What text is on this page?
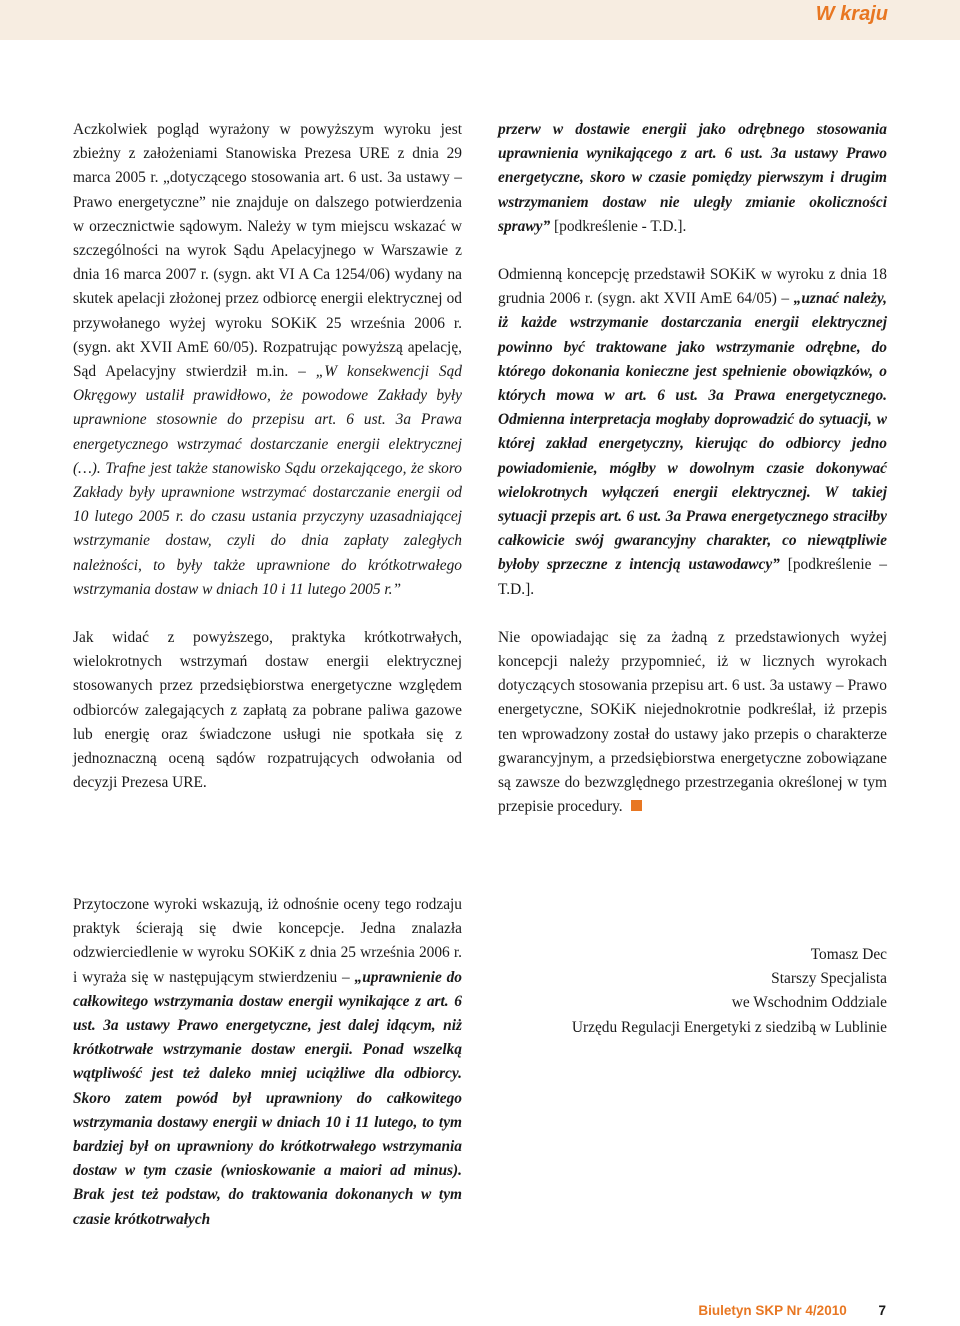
W kraju

Aczkolwiek pogląd wyrażony w powyższym wyroku jest zbieżny z założeniami Stanowiska Prezesa URE z dnia 29 marca 2005 r. „dotyczącego stosowania art. 6 ust. 3a ustawy – Prawo energetyczne” nie znajduje on dalszego potwierdzenia w orzecznictwie sądowym. Należy w tym miejscu wskazać w szczególności na wyrok Sądu Apelacyjnego w Warszawie z dnia 16 marca 2007 r. (sygn. akt VI A Ca 1254/06) wydany na skutek apelacji złożonej przez odbiorcę energii elektrycznej od przywołanego wyżej wyroku SOKiK 25 września 2006 r. (sygn. akt XVII AmE 60/05). Rozpatrując powyższą apelację, Sąd Apelacyjny stwierdził m.in. – „W konsekwencji Sąd Okręgowy ustalił prawidłowo, że powodowe Zakłady były uprawnione stosownie do przepisu art. 6 ust. 3a Prawa energetycznego wstrzymać dostarczanie energii elektrycznej (…). Trafne jest także stanowisko Sądu orzekającego, że skoro Zakłady były uprawnione wstrzymać dostarczanie energii od 10 lutego 2005 r. do czasu ustania przyczyny uzasadniającej wstrzymanie dostaw, czyli do dnia zapłaty zaległych należności, to były także uprawnione do krótkotrwałego wstrzymania dostaw w dniach 10 i 11 lutego 2005 r.”

Jak widać z powyższego, praktyka krótkotrwałych, wielokrotnych wstrzymań dostaw energii elektrycznej stosowanych przez przedsiębiorstwa energetyczne względem odbiorców zalegających z zapłatą za pobrane paliwa gazowe lub energię oraz świadczone usługi nie spotkała się z jednoznaczną oceną sądów rozpatrujących odwołania od decyzji Prezesa URE.

Przytoczone wyroki wskazują, iż odnośnie oceny tego rodzaju praktyk ścierają się dwie koncepcje. Jedna znalazła odzwierciedlenie w wyroku SOKiK z dnia 25 września 2006 r. i wyraża się w następującym stwierdzeniu – „uprawnienie do całkowitego wstrzymania dostaw energii wynikające z art. 6 ust. 3a ustawy Prawo energetyczne, jest dalej idącym, niż krótkotrwałe wstrzymanie dostaw energii. Ponad wszelką wątpliwość jest też daleko mniej uciążliwe dla odbiorcy. Skoro zatem powód był uprawniony do całkowitego wstrzymania dostawy energii w dniach 10 i 11 lutego, to tym bardziej był on uprawniony do krótkotrwałego wstrzymania dostaw w tym czasie (wnioskowanie a maiori ad minus). Brak jest też podstaw, do traktowania dokonanych w tym czasie krótkotrwałych

przerw w dostawie energii jako odrębnego stosowania uprawnienia wynikającego z art. 6 ust. 3a ustawy Prawo energetyczne, skoro w czasie pomiędzy pierwszym i drugim wstrzymaniem dostaw nie uległy zmianie okoliczności sprawy” [podkreślenie - T.D.].

Odmienną koncepcję przedstawił SOKiK w wyroku z dnia 18 grudnia 2006 r. (sygn. akt XVII AmE 64/05) – „uznać należy, iż każde wstrzymanie dostarczania energii elektrycznej powinno być traktowane jako wstrzymanie odrębne, do którego dokonania konieczne jest spełnienie obowiązków, o których mowa w art. 6 ust. 3a Prawa energetycznego. Odmienna interpretacja mogłaby doprowadzić do sytuacji, w której zakład energetyczny, kierując do odbiorcy jedno powiadomienie, mógłby w dowolnym czasie dokonywać wielokrotnych wyłączeń energii elektrycznej. W takiej sytuacji przepis art. 6 ust. 3a Prawa energetycznego straciłby całkowicie swój gwarancyjny charakter, co niewątpliwie byłoby sprzeczne z intencją ustawodawcy” [podkreślenie – T.D.].

Nie opowiadając się za żadną z przedstawionych wyżej koncepcji należy przypomnieć, iż w licznych wyrokach dotyczących stosowania przepisu art. 6 ust. 3a ustawy – Prawo energetyczne, SOKiK niejednokrotnie podkreślał, iż przepis ten wprowadzony został do ustawy jako przepis o charakterze gwarancyjnym, a przedsiębiorstwa energetyczne zobowiązane są zawsze do bezwzględnego przestrzegania określonej w tym przepisie procedury.

Tomasz Dec
Starszy Specjalista
we Wschodnim Oddziale
Urzędu Regulacji Energetyki z siedzibą w Lublinie
Biuletyn SKP Nr 4/2010 7
